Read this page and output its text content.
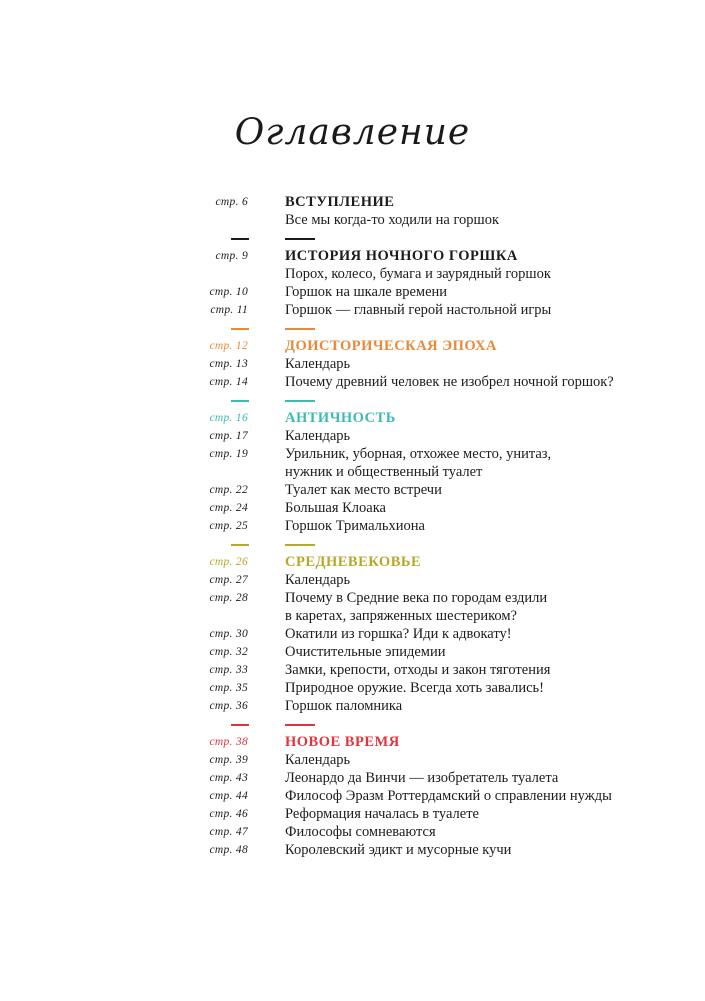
Оглавление
стр. 6	ВСТУПЛЕНИЕ
Все мы когда-то ходили на горшок
стр. 9	ИСТОРИЯ НОЧНОГО ГОРШКА
Порох, колесо, бумага и заурядный горшок
стр. 10	Горшок на шкале времени
стр. 11	Горшок — главный герой настольной игры
стр. 12	ДОИСТОРИЧЕСКАЯ ЭПОХА
стр. 13	Календарь
стр. 14	Почему древний человек не изобрел ночной горшок?
стр. 16	АНТИЧНОСТЬ
стр. 17	Календарь
стр. 19	Урильник, уборная, отхожее место, унитаз,
нужник и общественный туалет
стр. 22	Туалет как место встречи
стр. 24	Большая Клоака
стр. 25	Горшок Тримальхиона
стр. 26	СРЕДНЕВЕКОВЬЕ
стр. 27	Календарь
стр. 28	Почему в Средние века по городам ездили
в каретах, запряженных шестериком?
стр. 30	Окатили из горшка? Иди к адвокату!
стр. 32	Очистительные эпидемии
стр. 33	Замки, крепости, отходы и закон тяготения
стр. 35	Природное оружие. Всегда хоть завались!
стр. 36	Горшок паломника
стр. 38	НОВОЕ ВРЕМЯ
стр. 39	Календарь
стр. 43	Леонардо да Винчи — изобретатель туалета
стр. 44	Философ Эразм Роттердамский о справлении нужды
стр. 46	Реформация началась в туалете
стр. 47	Философы сомневаются
стр. 48	Королевский эдикт и мусорные кучи
